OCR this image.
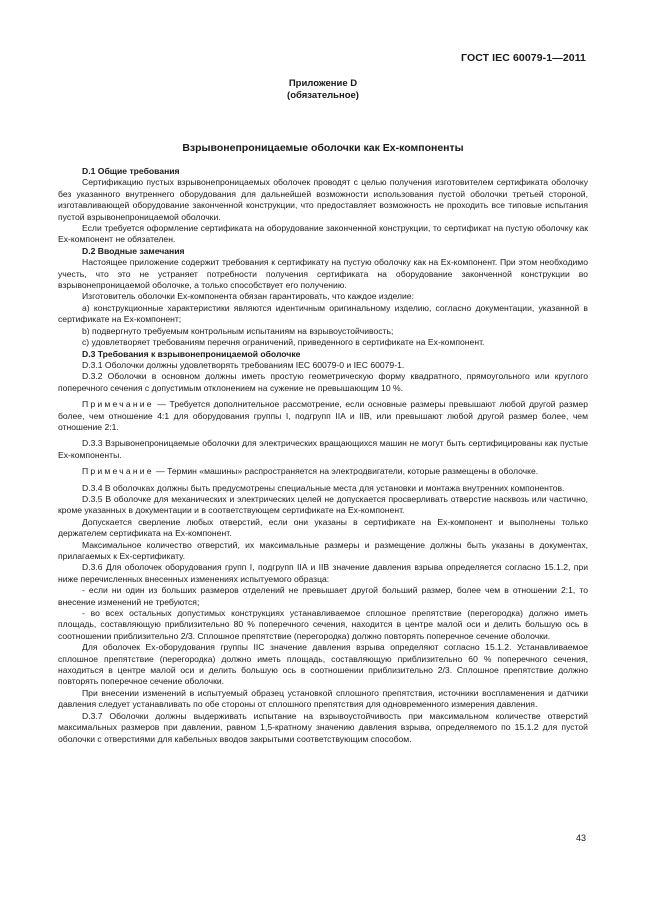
ГОСТ IEC 60079-1—2011
Приложение D
(обязательное)
Взрывонепроницаемые оболочки как Ех-компоненты

D.1 Общие требования

Сертификацию пустых взрывонепроницаемых оболочек проводят с целью получения изготовителем сертификата оболочку без указанного внутреннего оборудования для дальнейшей возможности использования пустой оболочки третьей стороной, изготавливающей оборудование законченной конструкции, что предоставляет возможность не проходить все типовые испытания пустой взрывонепроницаемой оболочки.

Если требуется оформление сертификата на оборудование законченной конструкции, то сертификат на пустую оболочку как Ех-компонент не обязателен.

D.2 Вводные замечания

Настоящее приложение содержит требования к сертификату на пустую оболочку как на Ех-компонент. При этом необходимо учесть, что это не устраняет потребности получения сертификата на оборудование законченной конструкции во взрывонепроницаемой оболочке, а только способствует его получению.

Изготовитель оболочки Ех-компонента обязан гарантировать, что каждое изделие:

а) конструкционные характеристики являются идентичным оригинальному изделию, согласно документации, указанной в сертификате на Ех-компонент;

b) подвергнуто требуемым контрольным испытаниям на взрывоустойчивость;

с) удовлетворяет требованиям перечня ограничений, приведенного в сертификате на Ех-компонент.

D.3 Требования к взрывонепроницаемой оболочке

D.3.1 Оболочки должны удовлетворять требованиям IEC 60079-0 и IEC 60079-1.

D.3.2 Оболочки в основном должны иметь простую геометрическую форму квадратного, прямоугольного или круглого поперечного сечения с допустимым отклонением на сужение не превышающим 10 %.

Примечание — Требуется дополнительное рассмотрение, если основные размеры превышают любой другой размер более, чем отношение 4:1 для оборудования группы I, подгрупп IIA и IIB, или превышают любой другой размер более, чем отношение 2:1.

D.3.3 Взрывонепроницаемые оболочки для электрических вращающихся машин не могут быть сертифицированы как пустые Ех-компоненты.

Примечание — Термин «машины» распространяется на электродвигатели, которые размещены в оболочке.

D.3.4 В оболочках должны быть предусмотрены специальные места для установки и монтажа внутренних компонентов.

D.3.5 В оболочке для механических и электрических целей не допускается просверливать отверстие насквозь или частично, кроме указанных в документации и в соответствующем сертификате на Ех-компонент.

Допускается сверление любых отверстий, если они указаны в сертификате на Ех-компонент и выполнены только держателем сертификата на Ех-компонент.

Максимальное количество отверстий, их максимальные размеры и размещение должны быть указаны в документах, прилагаемых к Ех-сертификату.

D.3.6 Для оболочек оборудования групп I, подгрупп IIA и IIB значение давления взрыва определяется согласно 15.1.2, при ниже перечисленных внесенных изменениях испытуемого образца:

- если ни один из больших размеров отделений не превышает другой больший размер, более чем в отношении 2:1, то внесение изменений не требуются;

- во всех остальных допустимых конструкциях устанавливаемое сплошное препятствие (перегородка) должно иметь площадь, составляющую приблизительно 80 % поперечного сечения, находится в центре малой оси и делить большую ось в соотношении приблизительно 2/3. Сплошное препятствие (перегородка) должно повторять поперечное сечение оболочки.

Для оболочек Ех-оборудования группы IIC значение давления взрыва определяют согласно 15.1.2. Устанавливаемое сплошное препятствие (перегородка) должно иметь площадь, составляющую приблизительно 60 % поперечного сечения, находиться в центре малой оси и делить большую ось в соотношении приблизительно 2/3. Сплошное препятствие должно повторять поперечное сечение оболочки.

При внесении изменений в испытуемый образец установкой сплошного препятствия, источники воспламенения и датчики давления следует устанавливать по обе стороны от сплошного препятствия для одновременного измерения давления.

D.3.7 Оболочки должны выдерживать испытание на взрывоустойчивость при максимальном количестве отверстий максимальных размеров при давлении, равном 1,5-кратному значению давления взрыва, определяемого по 15.1.2 для пустой оболочки с отверстиями для кабельных вводов закрытыми соответствующим способом.

43
